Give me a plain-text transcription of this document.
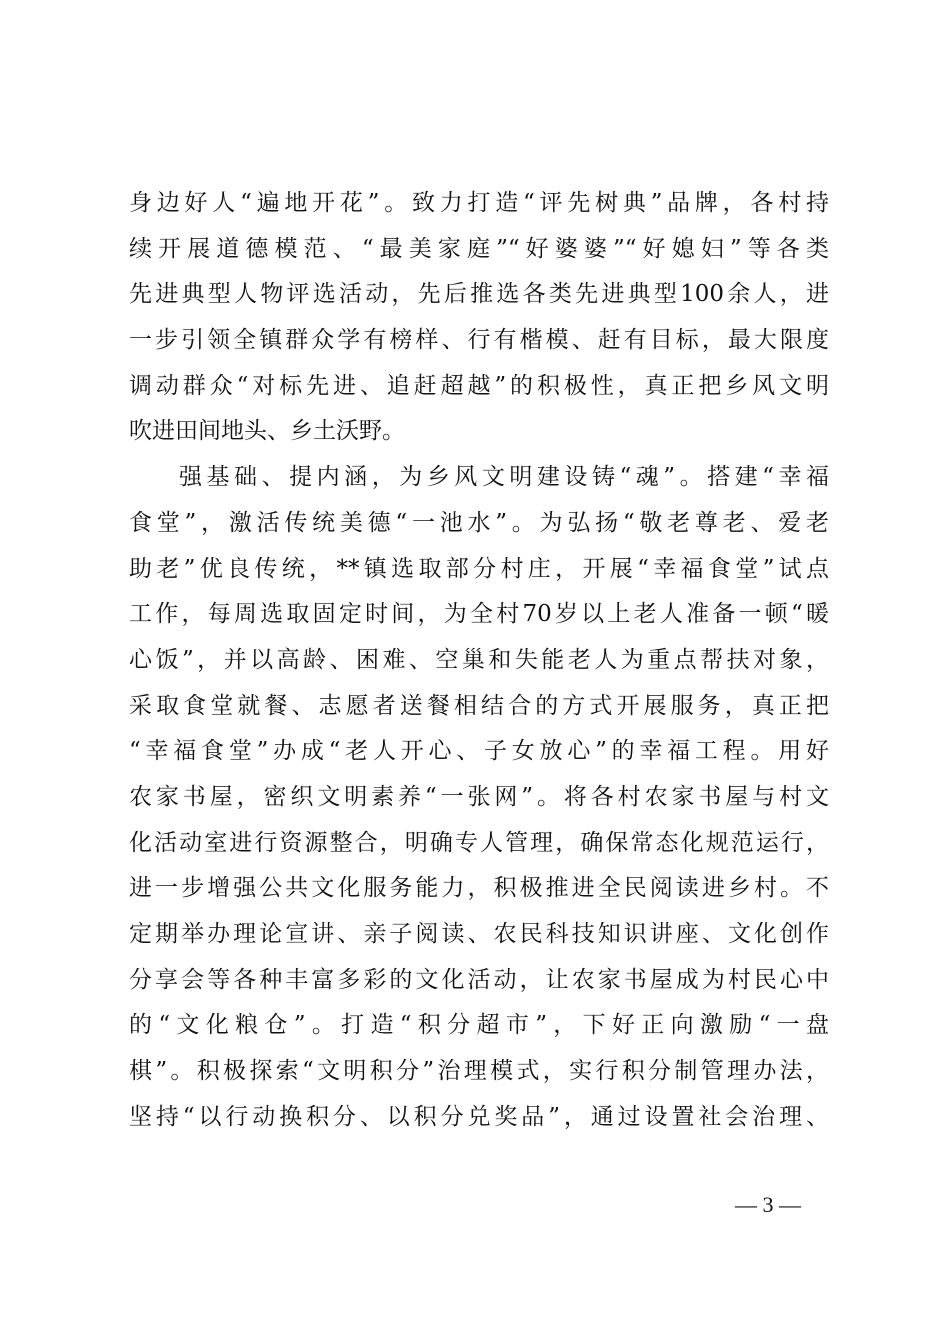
身边好人“遍地开花”。致力打造“评先树典”品牌，各村持
续开展道德模范、“最美家庭”“好婆婆”“好媳妇”等各类
先进典型人物评选活动，先后推选各类先进典型100余人，进
一步引领全镇群众学有榜样、行有楷模、赶有目标，最大限度
调动群众“对标先进、追赶超越”的积极性，真正把乡风文明
吹进田间地头、乡土沃野。
强基础、提内涵，为乡风文明建设铸“魂”。搭建“幸福
食堂”，激活传统美德“一池水”。为弘扬“敬老尊老、爱老
助老”优良传统，**镇选取部分村庄，开展“幸福食堂”试点
工作，每周选取固定时间，为全村70岁以上老人准备一顿“暖
心饭”，并以高龄、困难、空巢和失能老人为重点帮扶对象，
采取食堂就餐、志愿者送餐相结合的方式开展服务，真正把
“幸福食堂”办成“老人开心、子女放心”的幸福工程。用好
农家书屋，密织文明素养“一张网”。将各村农家书屋与村文
化活动室进行资源整合，明确专人管理，确保常态化规范运行，
进一步增强公共文化服务能力，积极推进全民阅读进乡村。不
定期举办理论宣讲、亲子阅读、农民科技知识讲座、文化创作
分享会等各种丰富多彩的文化活动，让农家书屋成为村民心中
的“文化粮仓”。打造“积分超市”，下好正向激励“一盘
棋”。积极探索“文明积分”治理模式，实行积分制管理办法，
坚持“以行动换积分、以积分兑奖品”，通过设置社会治理、
— 3 —
